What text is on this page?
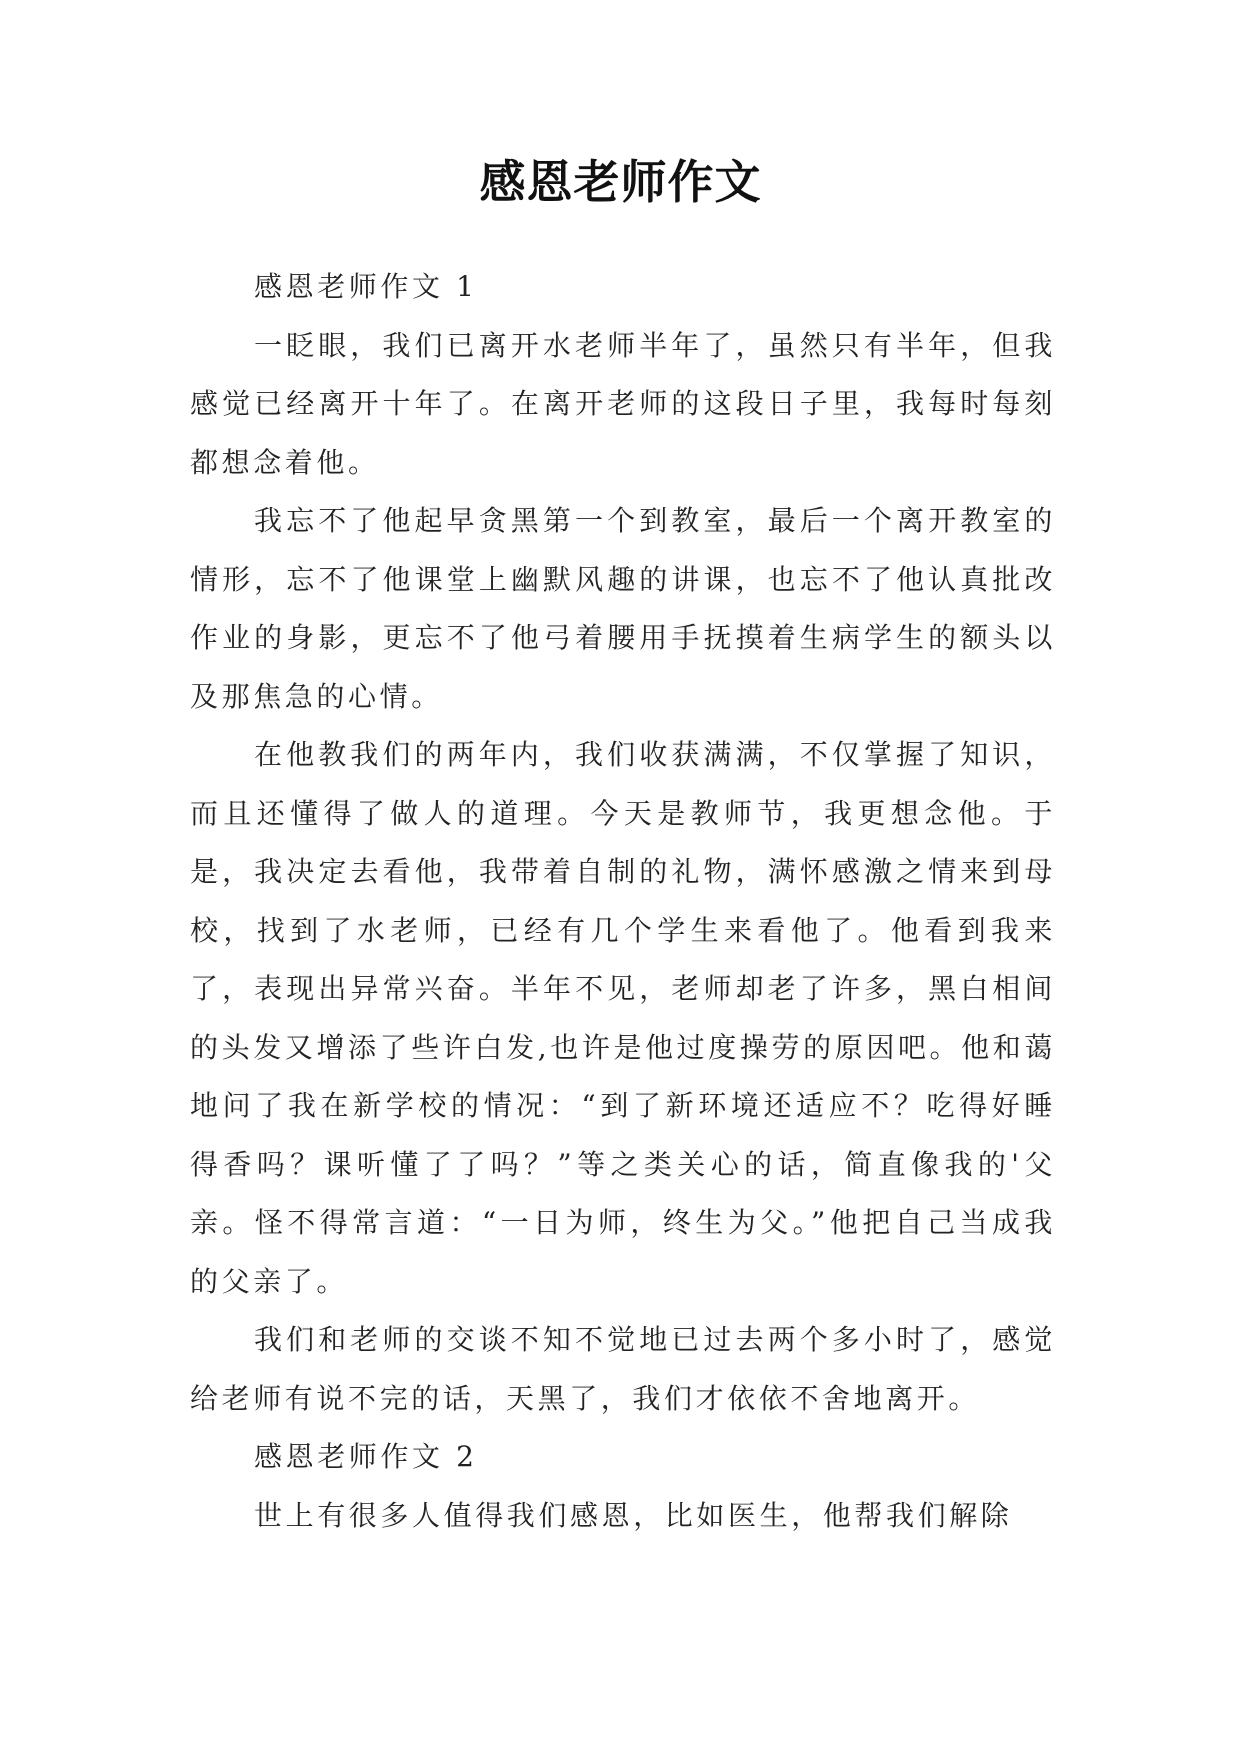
感恩老师作文

感恩老师作文 1

一眨眼，我们已离开水老师半年了，虽然只有半年，但我感觉已经离开十年了。在离开老师的这段日子里，我每时每刻都想念着他。

我忘不了他起早贪黑第一个到教室，最后一个离开教室的情形，忘不了他课堂上幽默风趣的讲课，也忘不了他认真批改作业的身影，更忘不了他弓着腰用手抚摸着生病学生的额头以及那焦急的心情。

在他教我们的两年内，我们收获满满，不仅掌握了知识，而且还懂得了做人的道理。今天是教师节，我更想念他。于是，我决定去看他，我带着自制的礼物，满怀感激之情来到母校，找到了水老师，已经有几个学生来看他了。他看到我来了，表现出异常兴奋。半年不见，老师却老了许多，黑白相间的头发又增添了些许白发,也许是他过度操劳的原因吧。他和蔼地问了我在新学校的情况：“到了新环境还适应不？吃得好睡得香吗？课听懂了了吗？”等之类关心的话，简直像我的'父亲。怪不得常言道：“一日为师，终生为父。”他把自己当成我的父亲了。

我们和老师的交谈不知不觉地已过去两个多小时了，感觉给老师有说不完的话，天黑了，我们才依依不舍地离开。

感恩老师作文 2

世上有很多人值得我们感恩，比如医生，他帮我们解除
